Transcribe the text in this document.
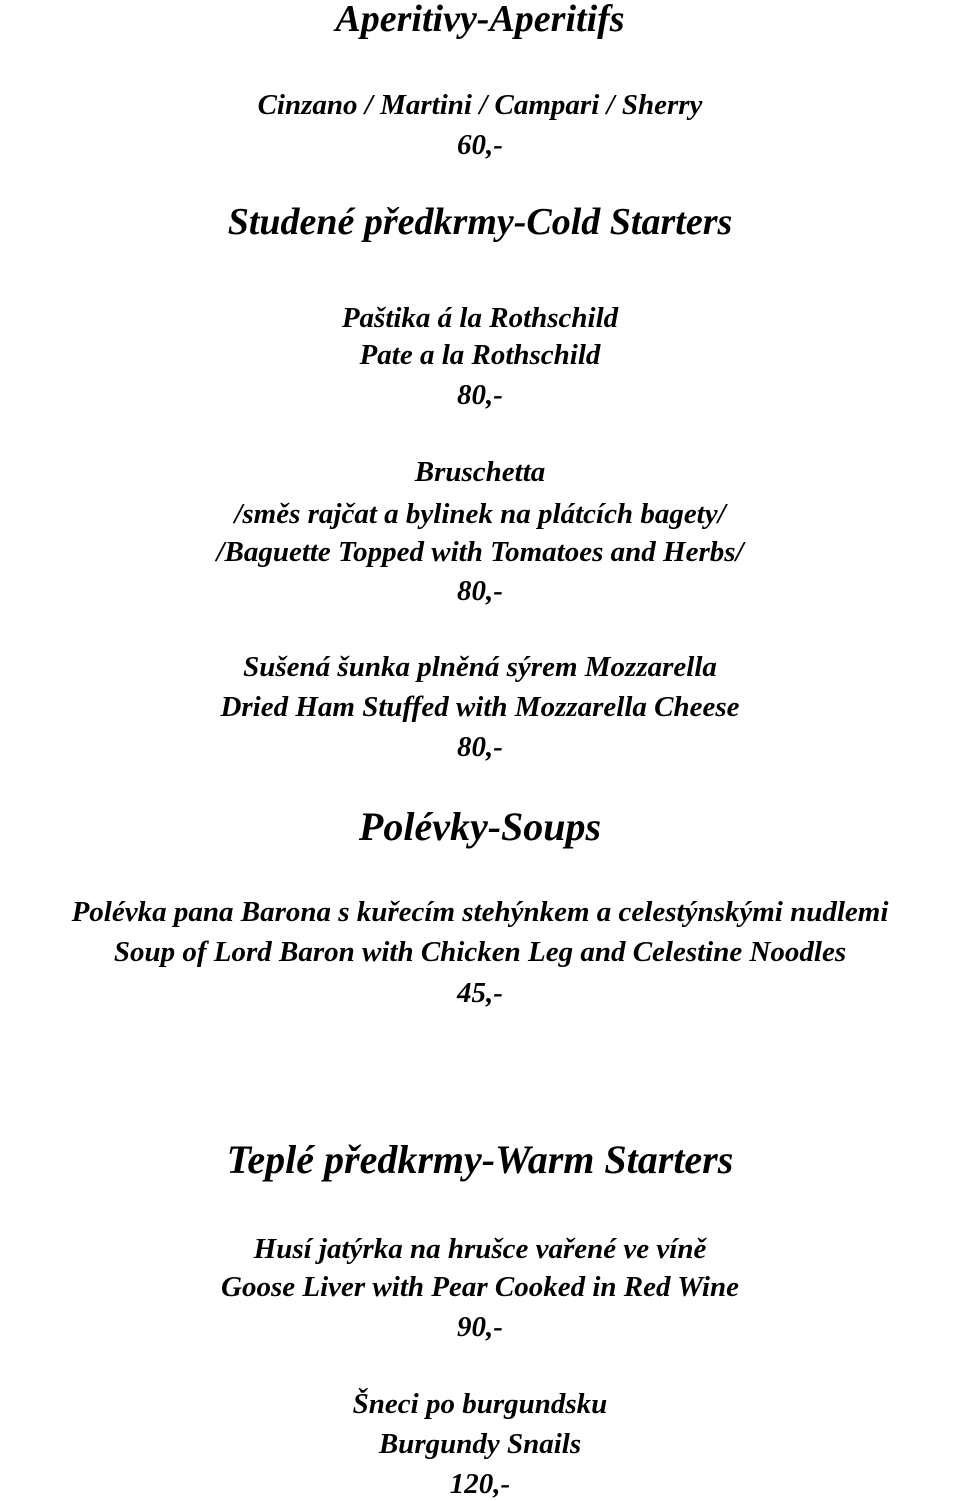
Aperitivy-Aperitifs
Cinzano / Martini / Campari / Sherry
60,-
Studené předkrmy-Cold Starters
Paštika á la Rothschild
Pate a la Rothschild
80,-
Bruschetta
/směs rajčat a bylinek na plátcích bagety/
/Baguette Topped with Tomatoes and Herbs/
80,-
Sušená šunka plněná sýrem Mozzarella
Dried Ham Stuffed with Mozzarella Cheese
80,-
Polévky-Soups
Polévka pana Barona s kuřecím stehýnkem a celestýnskými nudlemi
Soup of Lord Baron with Chicken Leg and Celestine Noodles
45,-
Teplé předkrmy-Warm Starters
Husí jatýrka na hrušce vařené ve víně
Goose Liver with Pear Cooked in Red Wine
90,-
Šneci po burgundsku
Burgundy Snails
120,-
